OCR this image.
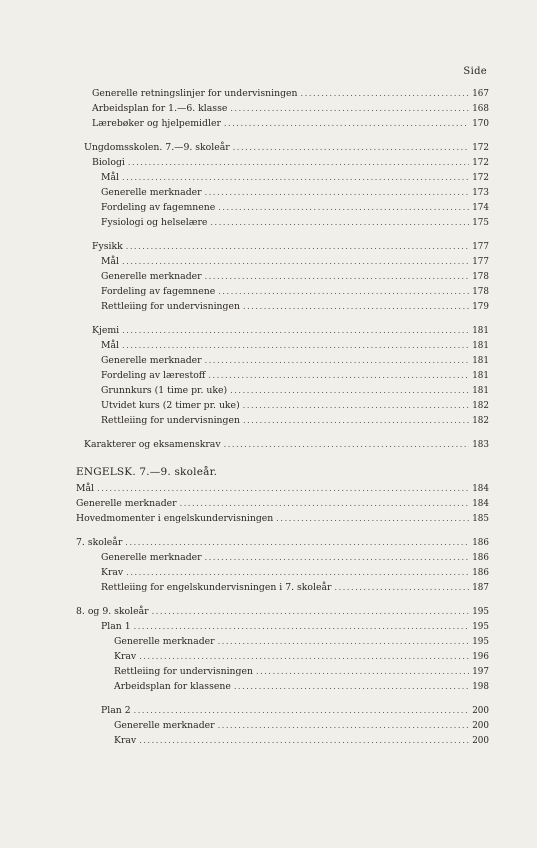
Side
Generelle retningslinjer for undervisningen .....	167
Arbeidsplan for 1.—6. klasse .....	168
Lærebøker og hjelpemidler .....	170
Ungdomsskolen. 7.—9. skoleår .....	172
Biologi .....	172
Mål .....	172
Generelle merknader .....	173
Fordeling av fagemnene .....	174
Fysiologi og helselære .....	175
Fysikk .....	177
Mål .....	177
Generelle merknader .....	178
Fordeling av fagemnene .....	178
Rettleiing for undervisningen .....	179
Kjemi .....	181
Mål .....	181
Generelle merknader .....	181
Fordeling av lærestoff .....	181
Grunnkurs (1 time pr. uke) .....	181
Utvidet kurs (2 timer pr. uke) .....	182
Rettleiing for undervisningen .....	182
Karakterer og eksamenskrav .....	183
ENGELSK. 7.—9. skoleår.
Mål .....	184
Generelle merknader .....	184
Hovedmomenter i engelskundervisningen .....	185
7. skoleår .....	186
Generelle merknader .....	186
Krav .....	186
Rettleiing for engelskundervisningen i 7. skoleår .....	187
8. og 9. skoleår .....	195
Plan 1 .....	195
Generelle merknader .....	195
Krav .....	196
Rettleiing for undervisningen .....	197
Arbeidsplan for klassene .....	198
Plan 2 .....	200
Generelle merknader .....	200
Krav .....	200
